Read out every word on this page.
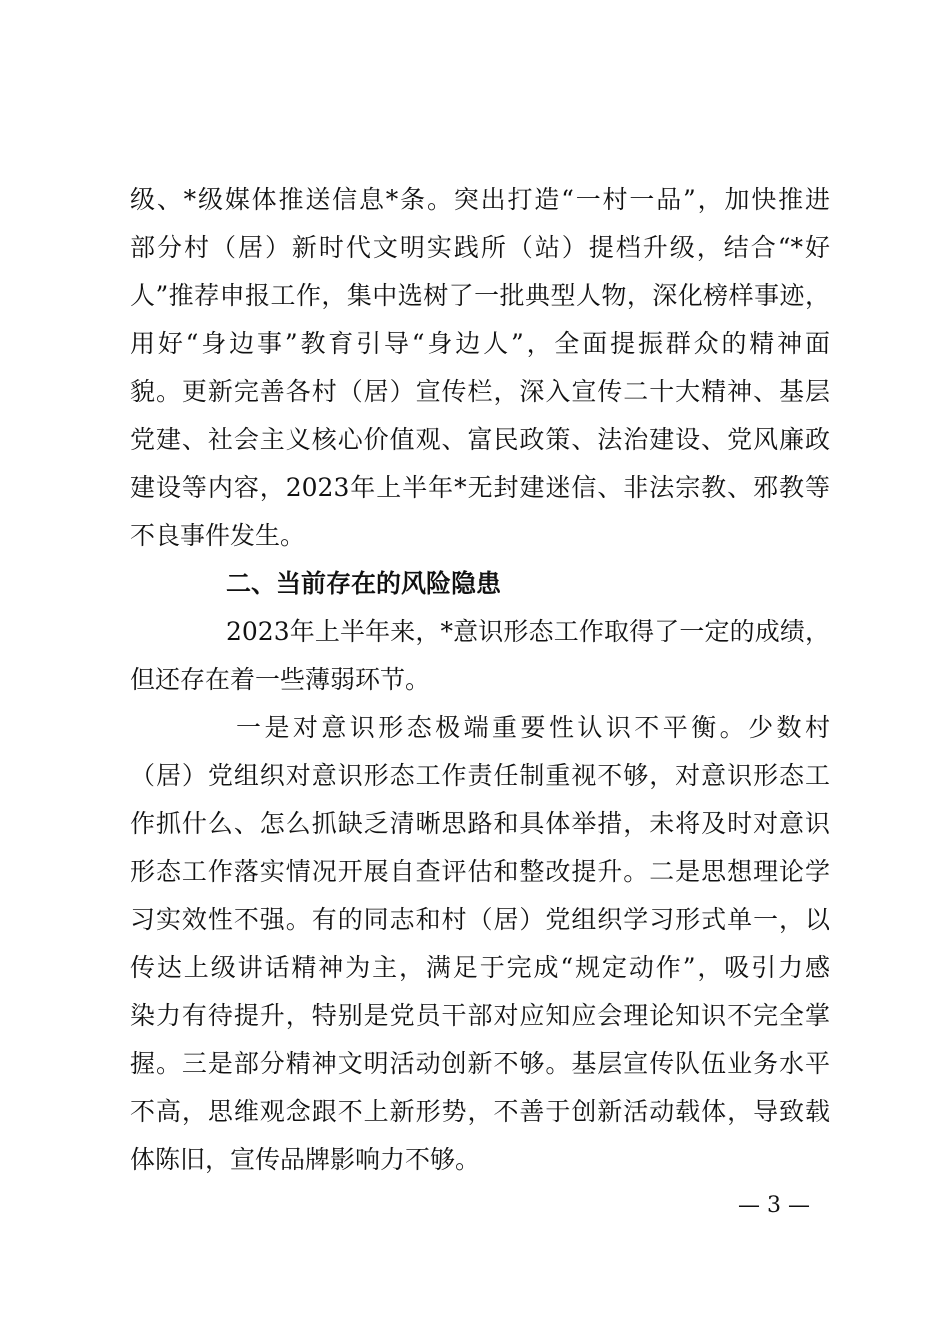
级、*级媒体推送信息*条。突出打造“一村一品”，加快推进
部分村（居）新时代文明实践所（站）提档升级，结合“*好
人”推荐申报工作，集中选树了一批典型人物，深化榜样事迹，
用好“身边事”教育引导“身边人”，全面提振群众的精神面
貌。更新完善各村（居）宣传栏，深入宣传二十大精神、基层
党建、社会主义核心价值观、富民政策、法治建设、党风廉政
建设等内容，2023年上半年*无封建迷信、非法宗教、邪教等
不良事件发生。
二、当前存在的风险隐患
2023年上半年来，*意识形态工作取得了一定的成绩，
但还存在着一些薄弱环节。
一是对意识形态极端重要性认识不平衡。少数村
（居）党组织对意识形态工作责任制重视不够，对意识形态工
作抓什么、怎么抓缺乏清晰思路和具体举措，未将及时对意识
形态工作落实情况开展自查评估和整改提升。二是思想理论学
习实效性不强。有的同志和村（居）党组织学习形式单一，以
传达上级讲话精神为主，满足于完成“规定动作”，吸引力感
染力有待提升，特别是党员干部对应知应会理论知识不完全掌
握。三是部分精神文明活动创新不够。基层宣传队伍业务水平
不高，思维观念跟不上新形势，不善于创新活动载体，导致载
体陈旧，宣传品牌影响力不够。
— 3 —
